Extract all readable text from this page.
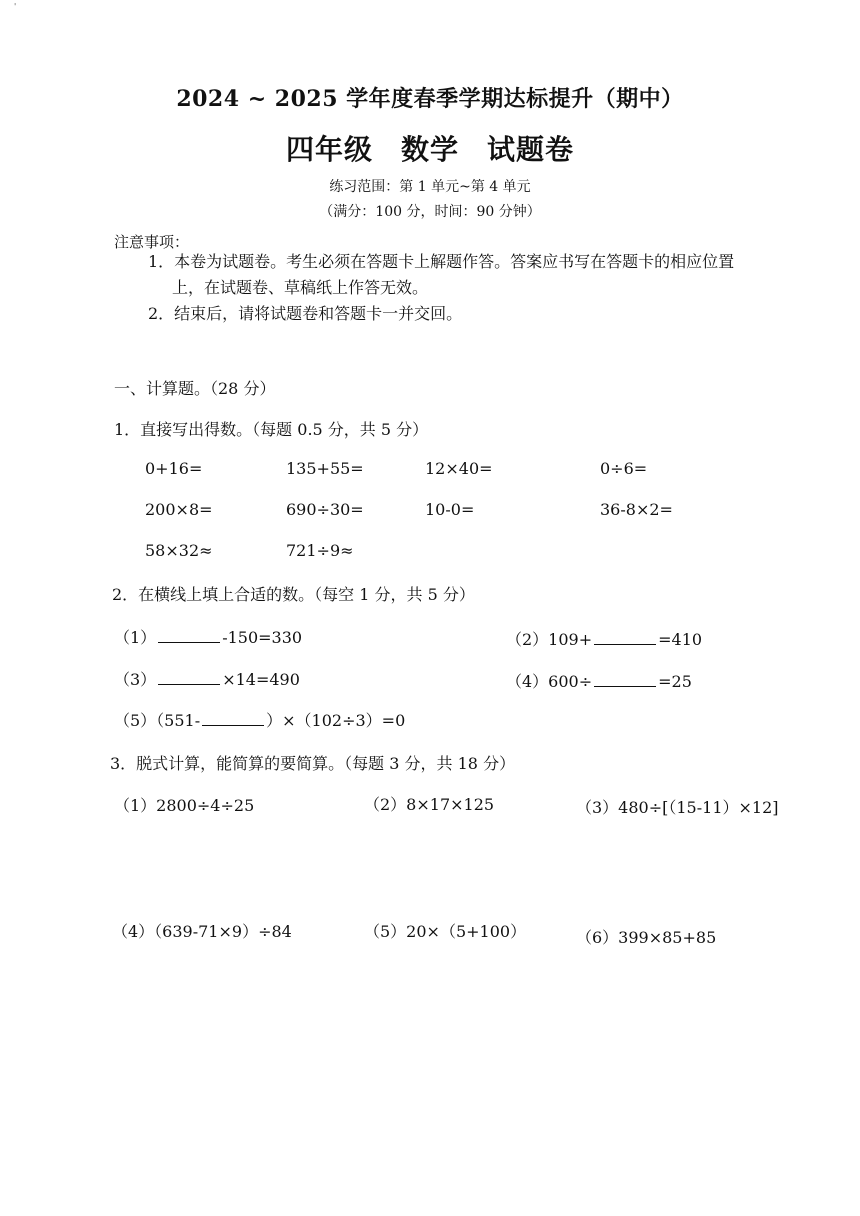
'
2024 ~ 2025 学年度春季学期达标提升（期中）
四年级 数学 试题卷
练习范围：第 1 单元~第 4 单元
（满分：100 分，时间：90 分钟）
注意事项：
1．本卷为试题卷。考生必须在答题卡上解题作答。答案应书写在答题卡的相应位置
上，在试题卷、草稿纸上作答无效。
2．结束后，请将试题卷和答题卡一并交回。
一、计算题。（28 分）
1．直接写出得数。（每题 0.5 分，共 5 分）
0+16=	135+55=	12×40=	0÷6=
200×8=	690÷30=	10-0=	36-8×2=
58×32≈	721÷9≈
2．在横线上填上合适的数。（每空 1 分，共 5 分）
（1）	-150=330	（2）109+	=410
（3）	×14=490	（4）600÷	=25
（5）（551-	）×（102÷3）=0
3．脱式计算，能简算的要简算。（每题 3 分，共 18 分）
（1）2800÷4÷25	（2）8×17×125	（3）480÷[（15-11）×12]
（4）（639-71×9）÷84	（5）20×（5+100）	（6）399×85+85
